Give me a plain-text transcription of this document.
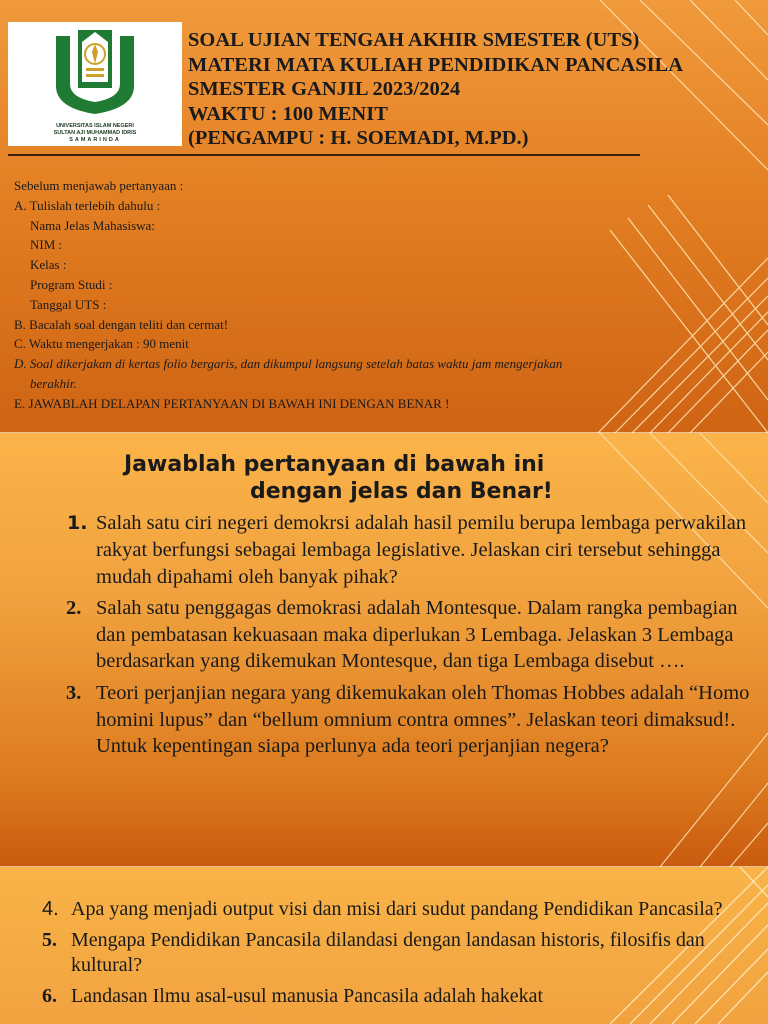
UNIVERSITAS ISLAM NEGERI
SULTAN AJI MUHAMMAD IDRIS
SAMARINDA
SOAL UJIAN TENGAH AKHIR SMESTER (UTS)
MATERI MATA KULIAH PENDIDIKAN PANCASILA
SMESTER GANJIL 2023/2024
WAKTU : 100 MENIT
(PENGAMPU : H. SOEMADI, M.PD.)
Sebelum menjawab pertanyaan :
A. Tulislah terlebih dahulu :
Nama Jelas Mahasiswa:
NIM :
Kelas :
Program Studi :
Tanggal UTS :
B. Bacalah soal dengan teliti dan cermat!
C. Waktu mengerjakan : 90 menit
D. Soal dikerjakan di kertas folio bergaris, dan dikumpul langsung setelah batas waktu jam mengerjakan
berakhir.
E. JAWABLAH DELAPAN PERTANYAAN DI BAWAH INI DENGAN BENAR !
Jawablah pertanyaan di bawah ini
dengan jelas dan Benar!
1. Salah satu ciri negeri demokrsi adalah hasil pemilu berupa lembaga perwakilan rakyat berfungsi sebagai lembaga legislative. Jelaskan ciri tersebut sehingga mudah dipahami oleh banyak pihak?
2. Salah satu penggagas demokrasi adalah Montesque. Dalam rangka pembagian dan pembatasan kekuasaan maka diperlukan 3 Lembaga. Jelaskan 3 Lembaga berdasarkan yang dikemukan Montesque, dan tiga Lembaga disebut ….
3. Teori perjanjian negara yang dikemukakan oleh Thomas Hobbes adalah “Homo homini lupus” dan “bellum omnium contra omnes”. Jelaskan teori dimaksud!. Untuk kepentingan siapa perlunya ada teori perjanjian negera?
4. Apa yang menjadi output visi dan misi dari sudut pandang Pendidikan Pancasila?
5. Mengapa Pendidikan Pancasila dilandasi dengan landasan historis, filosifis dan kultural?
6. Landasan Ilmu asal-usul manusia Pancasila adalah hakekat
